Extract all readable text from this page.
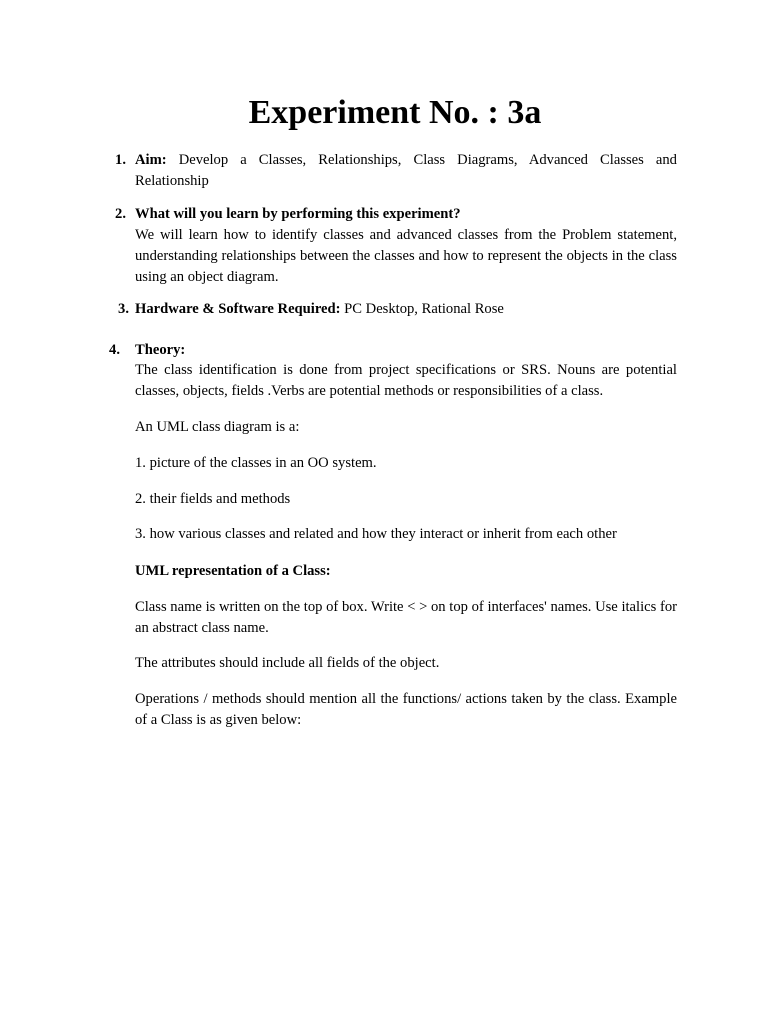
Experiment No. : 3a
1. Aim: Develop a Classes, Relationships, Class Diagrams, Advanced Classes and Relationship

2. What will you learn by performing this experiment?

We will learn how to identify classes and advanced classes from the Problem statement, understanding relationships between the classes and how to represent the objects in the class using an object diagram.

3. Hardware & Software Required: PC Desktop, Rational Rose

4. Theory:

The class identification is done from project specifications or SRS. Nouns are potential classes, objects, fields .Verbs are potential methods or responsibilities of a class.

An UML class diagram is a:

1. picture of the classes in an OO system.

2. their fields and methods

3. how various classes and related and how they interact or inherit from each other

UML representation of a Class:

Class name is written on the top of box. Write < > on top of interfaces' names. Use italics for an abstract class name.

The attributes should include all fields of the object.

Operations / methods should mention all the functions/ actions taken by the class. Example of a Class is as given below:
